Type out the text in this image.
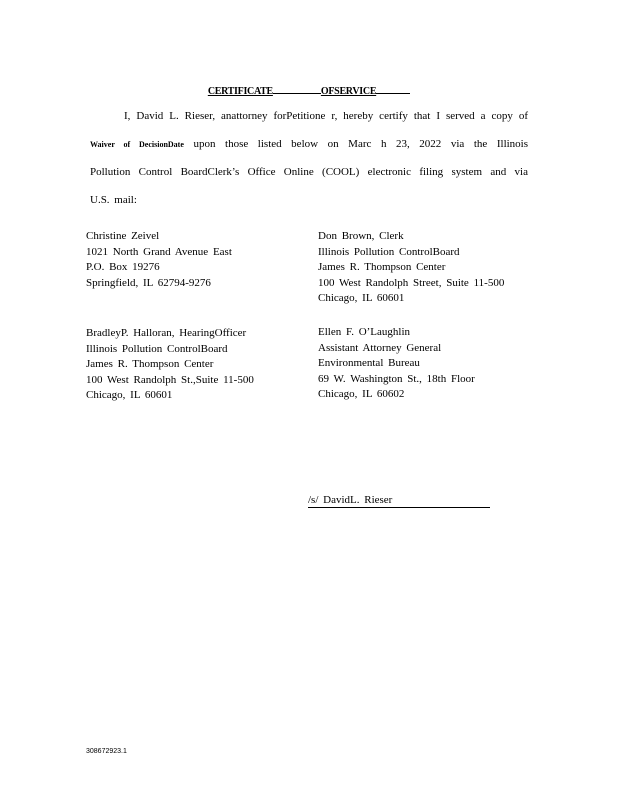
CERTIFICATE	OFSERVICE
I, David L. Rieser, anattorney forPetitione r, hereby certify that I served a copy of
Waiver of DecisionDate upon those listed below on Marc h 23, 2022 via the Illinois
Pollution Control BoardClerk’s Office Online (COOL) electronic filing system and via
U.S. mail:
Christine Zeivel
1021 North Grand Avenue East
P.O. Box 19276
Springfield, IL 62794-9276
Don Brown, Clerk
Illinois Pollution ControlBoard
James R. Thompson Center
100 West Randolph Street, Suite 11-500
Chicago, IL 60601
BradleyP. Halloran, HearingOfficer
Illinois Pollution ControlBoard
James R. Thompson Center
100 West Randolph St.,Suite 11-500
Chicago, IL 60601
Ellen F. O’Laughlin
Assistant Attorney General
Environmental Bureau
69 W. Washington St., 18th Floor
Chicago, IL 60602
/s/ DavidL. Rieser
308672923.1
